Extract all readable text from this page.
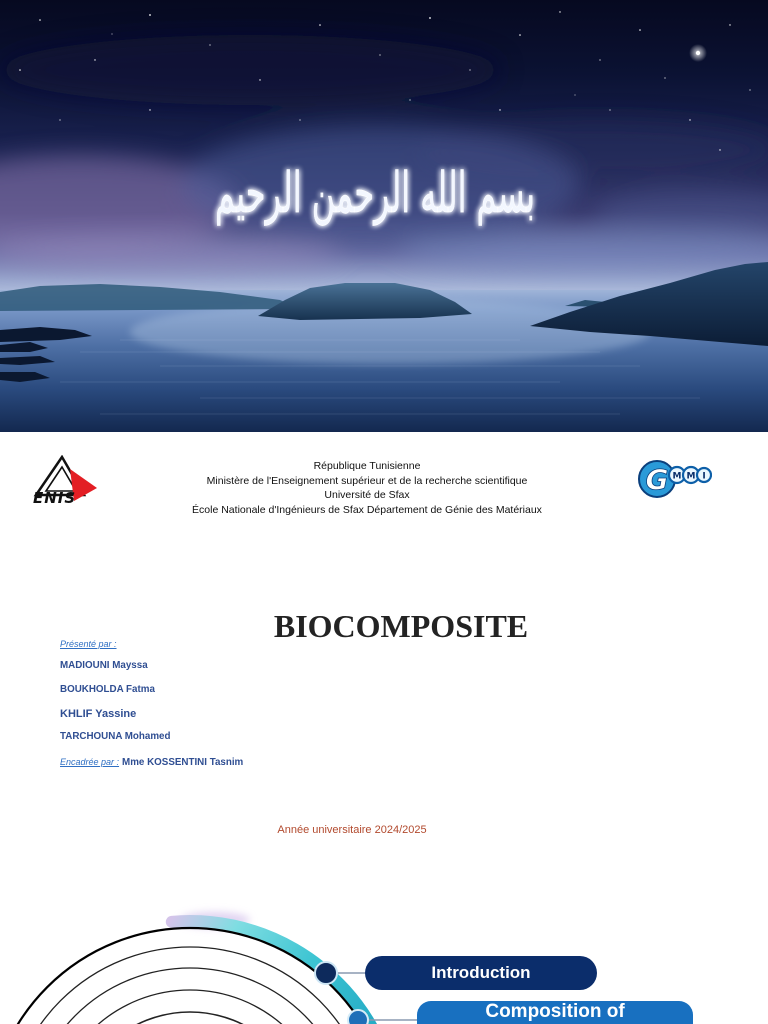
بسم الله الرحمن الرحيم
ENIS
G M M I
République Tunisienne
Ministère de l'Enseignement supérieur et de la recherche scientifique
Université de Sfax
École Nationale d'Ingénieurs de Sfax Département de Génie des Matériaux
BIOCOMPOSITE
Présenté par :
MADIOUNI Mayssa
BOUKHOLDA Fatma
KHLIF Yassine
TARCHOUNA Mohamed
Encadrée par : Mme KOSSENTINI Tasnim
Année universitaire 2024/2025
Introduction
Composition of
